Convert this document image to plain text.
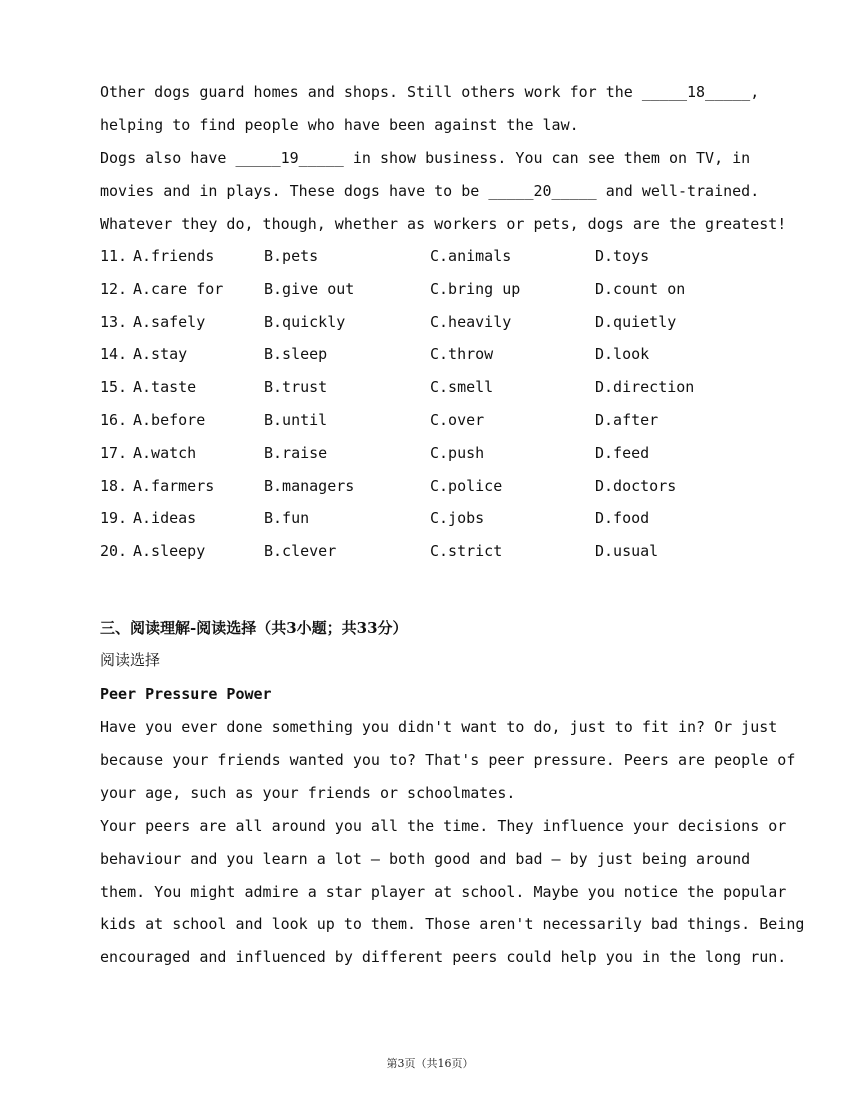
Other dogs guard homes and shops. Still others work for the _____18_____,
helping to find people who have been against the law.
Dogs also have _____19_____ in show business. You can see them on TV, in
movies and in plays. These dogs have to be _____20_____ and well-trained.
Whatever they do, though, whether as workers or pets, dogs are the greatest!
11. A.friends	B.pets	C.animals	D.toys
12. A.care for	B.give out	C.bring up	D.count on
13. A.safely	B.quickly	C.heavily	D.quietly
14. A.stay	B.sleep	C.throw	D.look
15. A.taste	B.trust	C.smell	D.direction
16. A.before	B.until	C.over	D.after
17. A.watch	B.raise	C.push	D.feed
18. A.farmers	B.managers	C.police	D.doctors
19. A.ideas	B.fun	C.jobs	D.food
20. A.sleepy	B.clever	C.strict	D.usual
三、阅读理解-阅读选择（共3小题；共33分）
阅读选择
Peer Pressure Power
Have you ever done something you didn't want to do, just to fit in? Or just
because your friends wanted you to? That's peer pressure. Peers are people of
your age, such as your friends or schoolmates.
Your peers are all around you all the time. They influence your decisions or
behaviour and you learn a lot – both good and bad – by just being around
them. You might admire a star player at school. Maybe you notice the popular
kids at school and look up to them. Those aren't necessarily bad things. Being
encouraged and influenced by different peers could help you in the long run.
第3页（共16页）
